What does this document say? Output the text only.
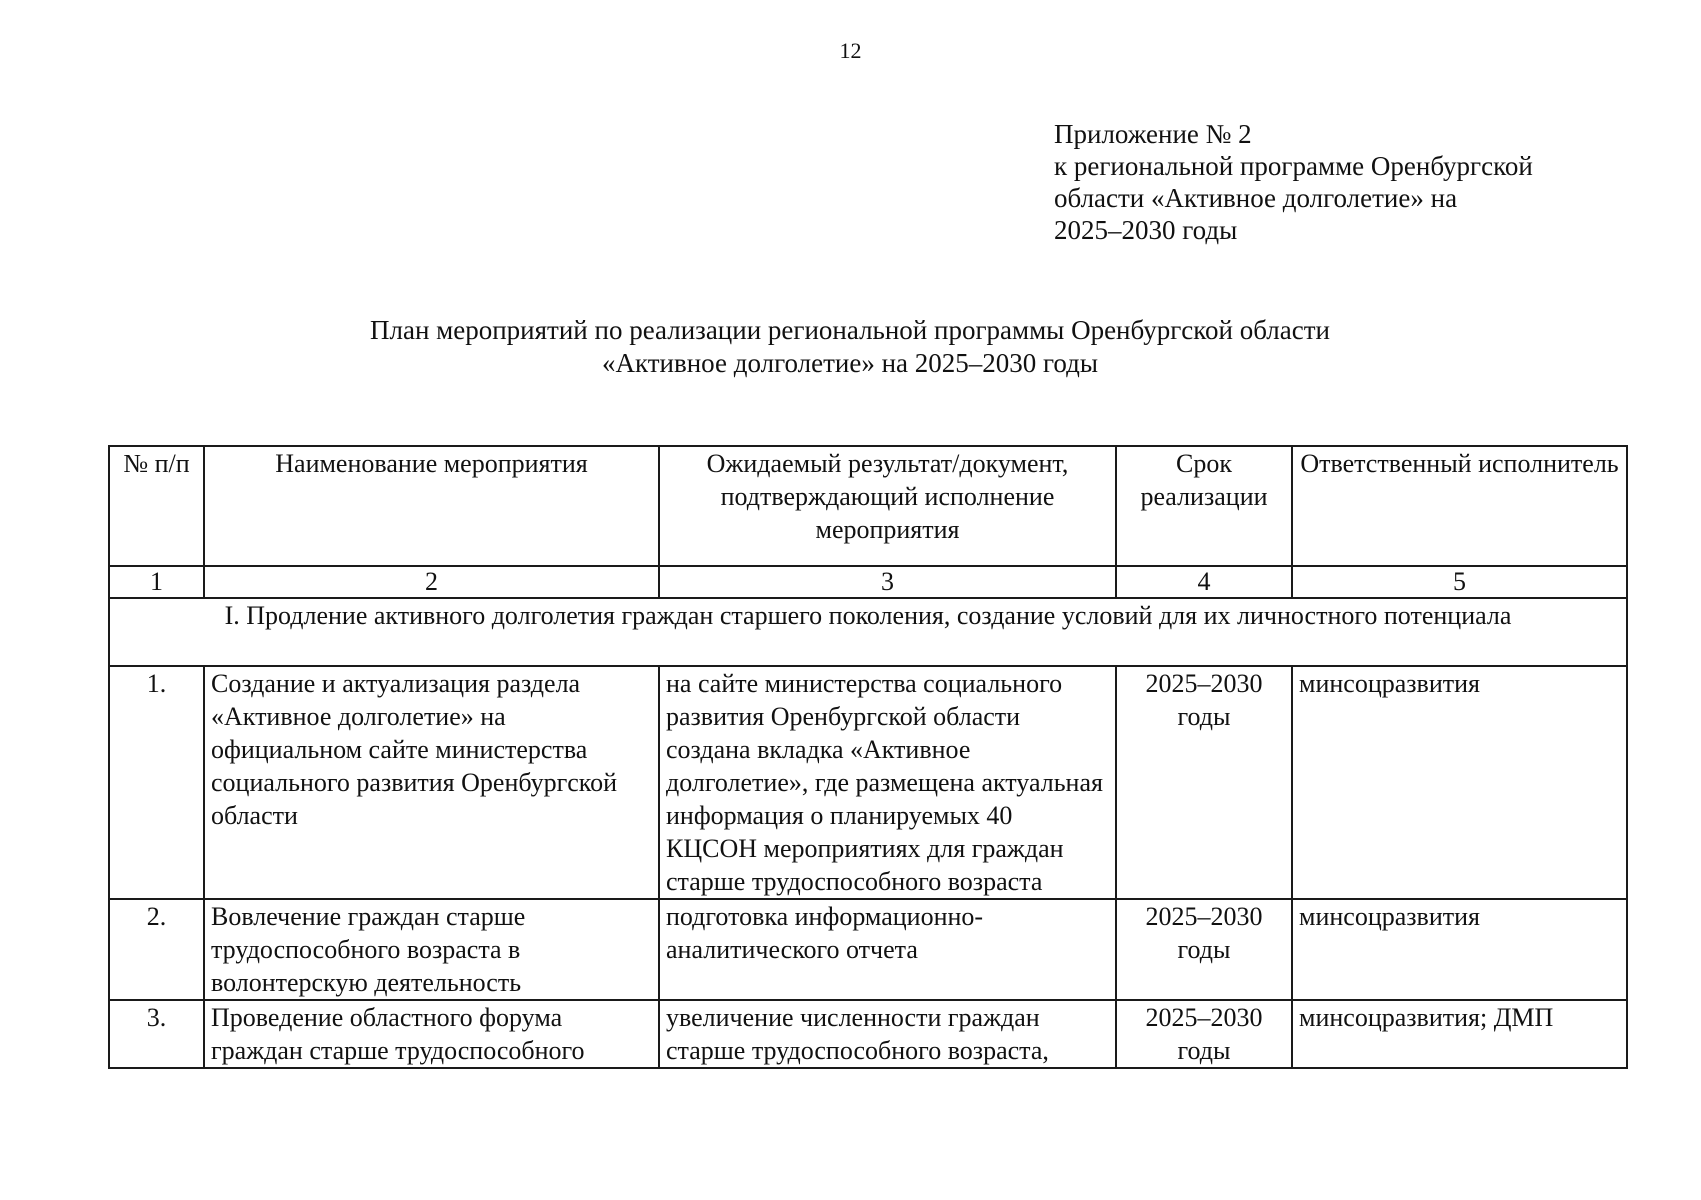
12
Приложение № 2
к региональной программе Оренбургской
области «Активное долголетие» на
2025–2030 годы
План мероприятий по реализации региональной программы Оренбургской области
«Активное долголетие» на 2025–2030 годы
№ п/п	Наименование мероприятия	Ожидаемый результат/документ, подтверждающий исполнение мероприятия	Срок реализации	Ответственный исполнитель
1	2	3	4	5
I. Продление активного долголетия граждан старшего поколения, создание условий для их личностного потенциала				
1.	Создание и актуализация раздела «Активное долголетие» на официальном сайте министерства социального развития Оренбургской области	на сайте министерства социального развития Оренбургской области создана вкладка «Активное долголетие», где размещена актуальная информация о планируемых 40 КЦСОН мероприятиях для граждан старше трудоспособного возраста	2025–2030 годы	минсоцразвития
2.	Вовлечение граждан старше трудоспособного возраста в волонтерскую деятельность	подготовка информационно-аналитического отчета	2025–2030 годы	минсоцразвития
3.	Проведение областного форума граждан старше трудоспособного	увеличение численности граждан старше трудоспособного возраста,	2025–2030 годы	минсоцразвития; ДМП
